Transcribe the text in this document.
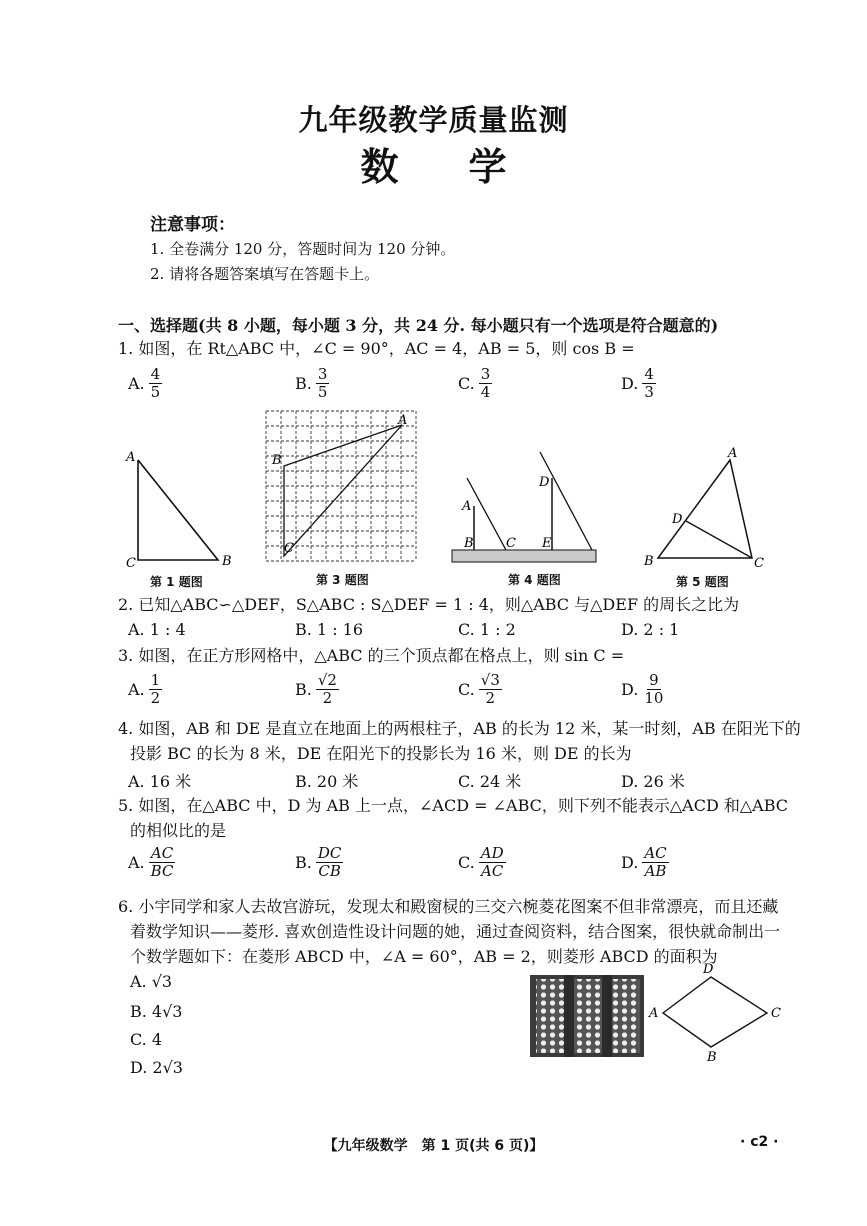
九年级教学质量监测
数学
注意事项：
1. 全卷满分 120 分，答题时间为 120 分钟。
2. 请将各题答案填写在答题卡上。
一、选择题(共 8 小题，每小题 3 分，共 24 分. 每小题只有一个选项是符合题意的)
1. 如图，在 Rt△ABC 中，∠C = 90°，AC = 4，AB = 5，则 cos B =
A. $\frac{4}{5}$	B. $\frac{3}{5}$	C. $\frac{3}{4}$	D. $\frac{4}{3}$
A
C	B
第 1 题图
A
B
C
第 3 题图
A
B C
D
E
第 4 题图
A
B	C
D
第 5 题图
2. 已知△ABC∽△DEF，S△ABC : S△DEF = 1 : 4，则△ABC 与△DEF 的周长之比为
A. 1 : 4	B. 1 : 16	C. 1 : 2	D. 2 : 1
3. 如图，在正方形网格中，△ABC 的三个顶点都在格点上，则 sin C =
A. $\frac{1}{2}$	B. $\frac{√2}{2}$	C. $\frac{√3}{2}$	D. $\frac{9}{10}$
4. 如图，AB 和 DE 是直立在地面上的两根柱子，AB 的长为 12 米，某一时刻，AB 在阳光下的
投影 BC 的长为 8 米，DE 在阳光下的投影长为 16 米，则 DE 的长为
A. 16 米	B. 20 米	C. 24 米	D. 26 米
5. 如图，在△ABC 中，D 为 AB 上一点，∠ACD = ∠ABC，则下列不能表示△ACD 和△ABC
的相似比的是
A. $\frac{AC}{BC}$	B. $\frac{DC}{CB}$	C. $\frac{AD}{AC}$	D. $\frac{AC}{AB}$
6. 小宇同学和家人去故宫游玩，发现太和殿窗棂的三交六椀菱花图案不但非常漂亮，而且还藏
着数学知识——菱形. 喜欢创造性设计问题的她，通过查阅资料，结合图案，很快就命制出一
个数学题如下：在菱形 ABCD 中，∠A = 60°，AB = 2，则菱形 ABCD 的面积为
A. √3
B. 4√3
C. 4
D. 2√3
A
D
C
B
【九年级数学　第 1 页(共 6 页)】	· c2 ·
